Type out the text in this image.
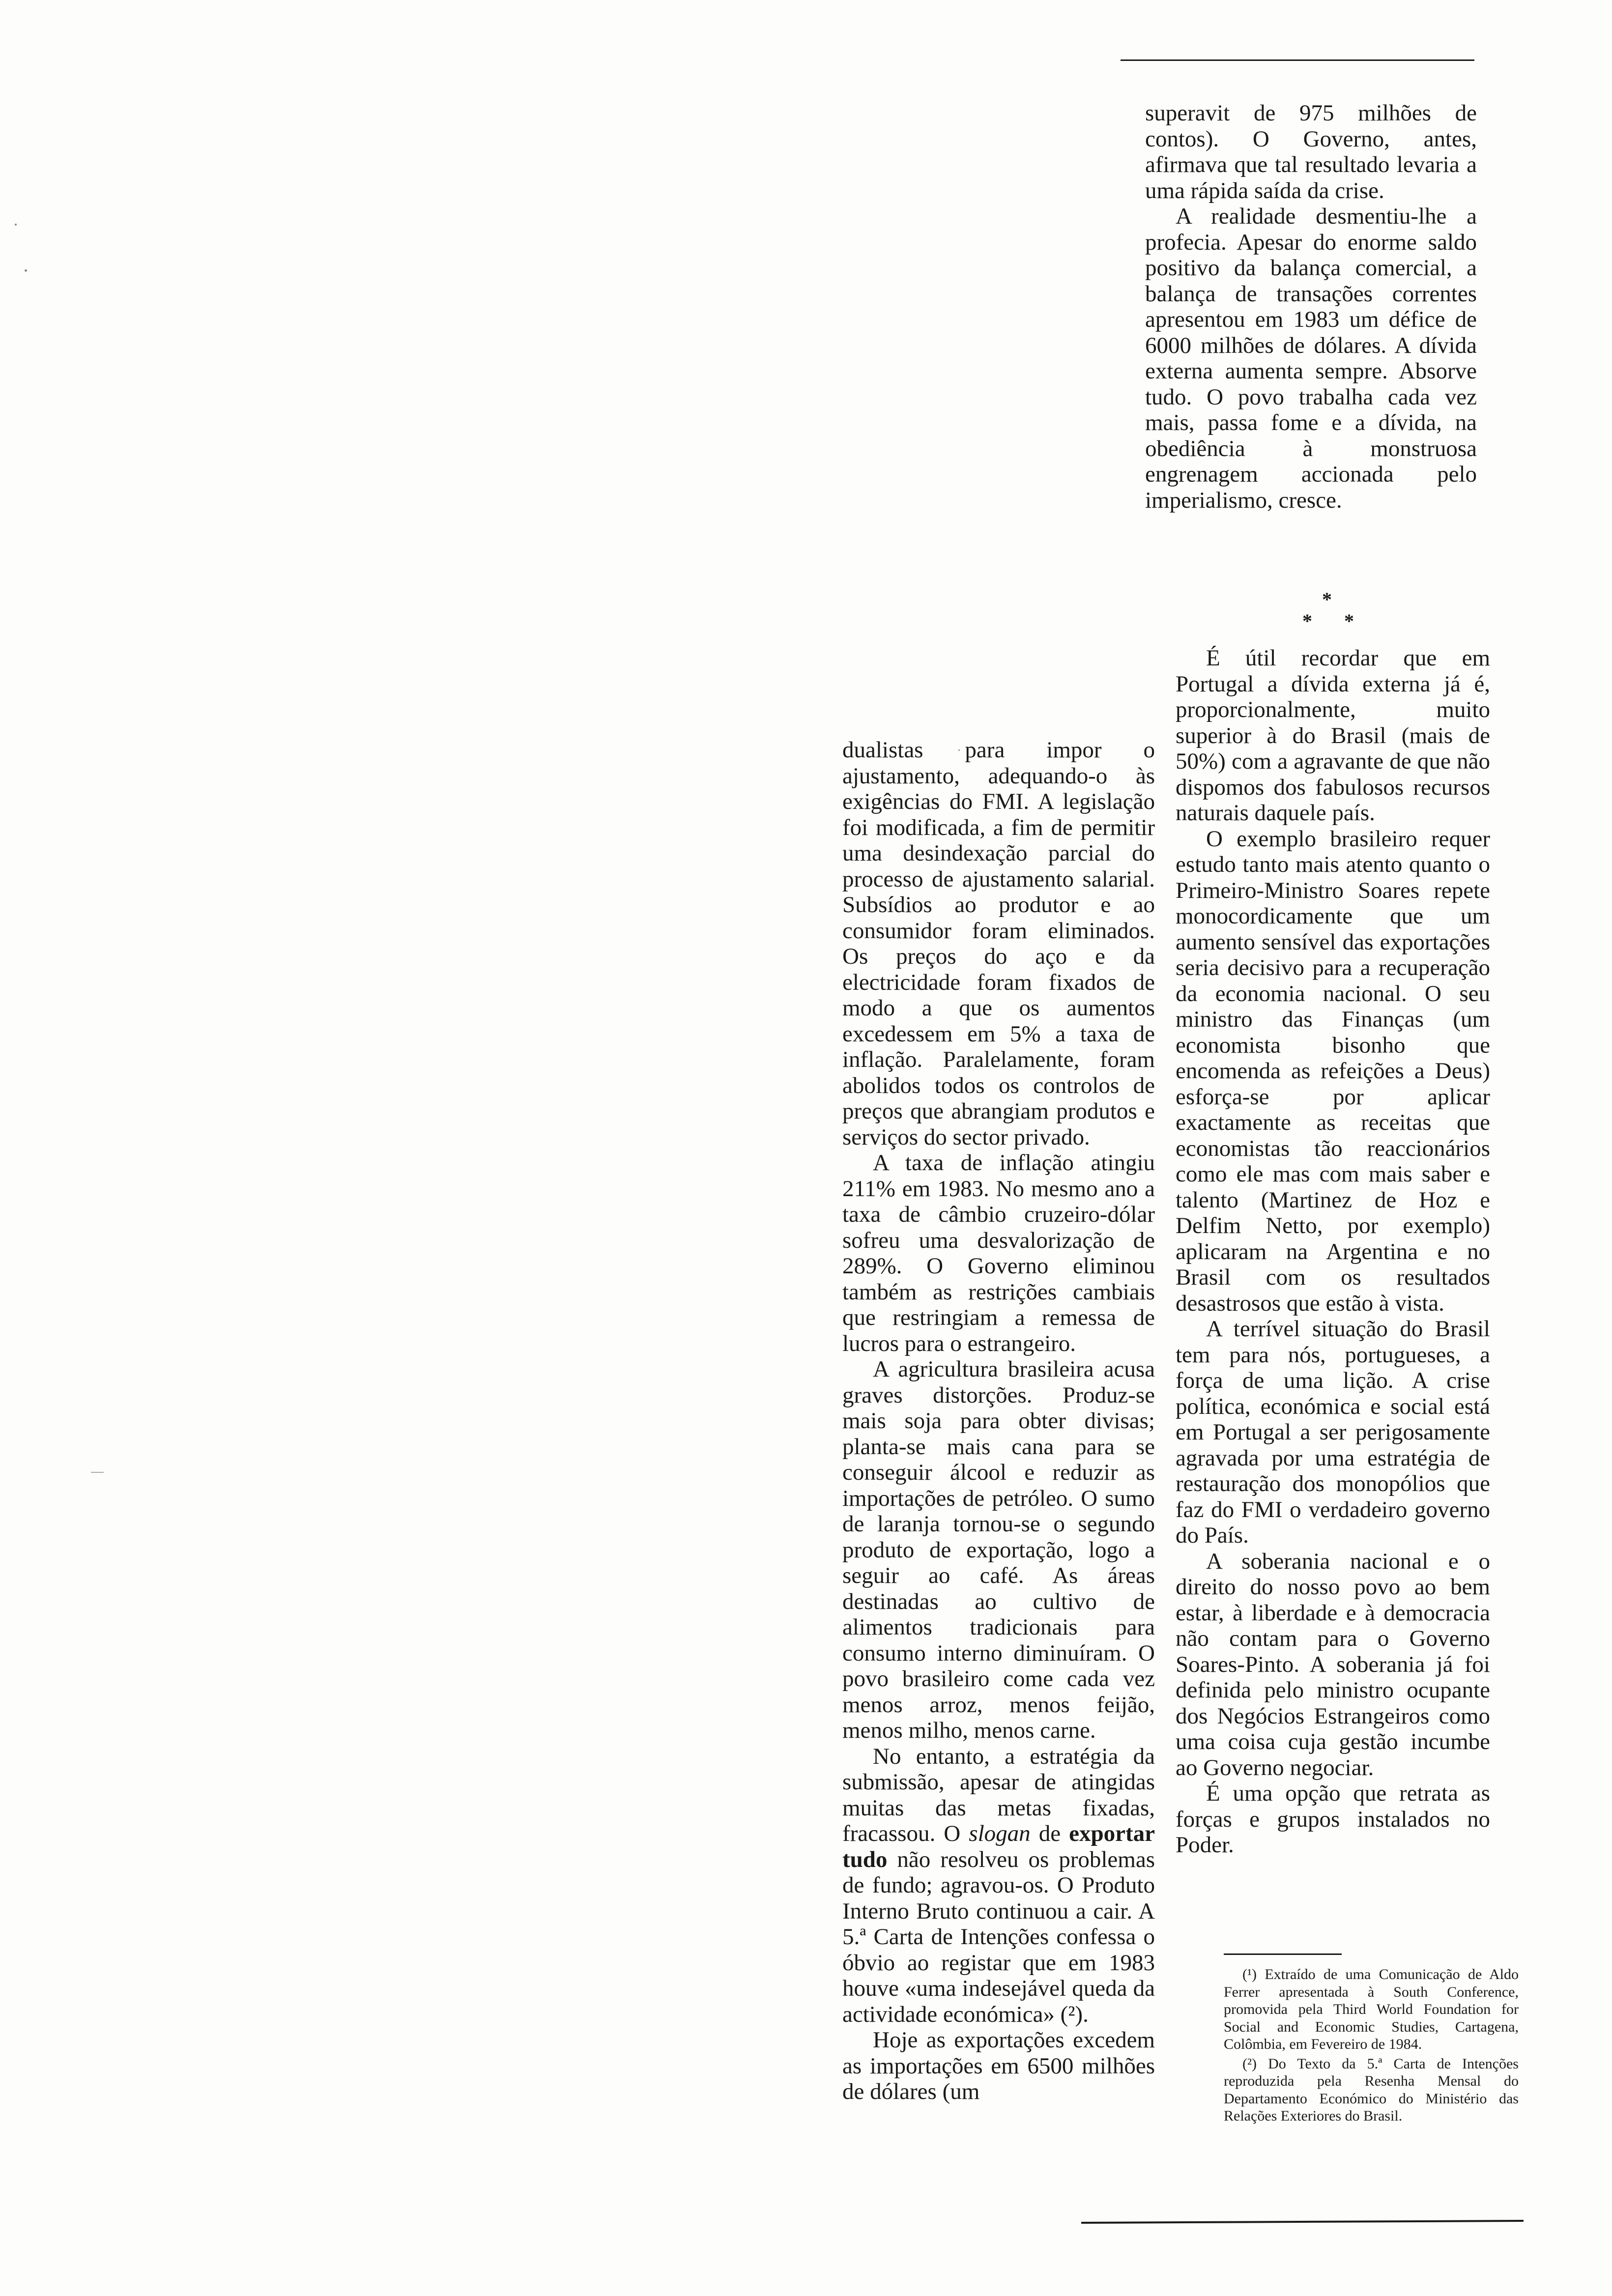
dualistas para impor o ajustamento, adequando-o às exigências do FMI. A legislação foi modificada, a fim de permitir uma desindexação parcial do processo de ajustamento salarial. Subsídios ao produtor e ao consumidor foram eliminados. Os preços do aço e da electricidade foram fixados de modo a que os aumentos excedessem em 5% a taxa de inflação. Paralelamente, foram abolidos todos os controlos de preços que abrangiam produtos e serviços do sector privado.

A taxa de inflação atingiu 211% em 1983. No mesmo ano a taxa de câmbio cruzeiro-dólar sofreu uma desvalorização de 289%. O Governo eliminou também as restrições cambiais que restringiam a remessa de lucros para o estrangeiro.

A agricultura brasileira acusa graves distorções. Produz-se mais soja para obter divisas; planta-se mais cana para se conseguir álcool e reduzir as importações de petróleo. O sumo de laranja tornou-se o segundo produto de exportação, logo a seguir ao café. As áreas destinadas ao cultivo de alimentos tradicionais para consumo interno diminuíram. O povo brasileiro come cada vez menos arroz, menos feijão, menos milho, menos carne.

No entanto, a estratégia da submissão, apesar de atingidas muitas das metas fixadas, fracassou. O slogan de exportar tudo não resolveu os problemas de fundo; agravou-os. O Produto Interno Bruto continuou a cair. A 5.ª Carta de Intenções confessa o óbvio ao registar que em 1983 houve «uma indesejável queda da actividade económica» (²).

Hoje as exportações excedem as importações em 6500 milhões de dólares (um

superavit de 975 milhões de contos). O Governo, antes, afirmava que tal resultado levaria a uma rápida saída da crise.

A realidade desmentiu-lhe a profecia. Apesar do enorme saldo positivo da balança comercial, a balança de transações correntes apresentou em 1983 um défice de 6000 milhões de dólares. A dívida externa aumenta sempre. Absorve tudo. O povo trabalha cada vez mais, passa fome e a dívida, na obediência à monstruosa engrenagem accionada pelo imperialismo, cresce.

*
* *

É útil recordar que em Portugal a dívida externa já é, proporcionalmente, muito superior à do Brasil (mais de 50%) com a agravante de que não dispomos dos fabulosos recursos naturais daquele país.

O exemplo brasileiro requer estudo tanto mais atento quanto o Primeiro-Ministro Soares repete monocordicamente que um aumento sensível das exportações seria decisivo para a recuperação da economia nacional. O seu ministro das Finanças (um economista bisonho que encomenda as refeições a Deus) esforça-se por aplicar exactamente as receitas que economistas tão reaccionários como ele mas com mais saber e talento (Martinez de Hoz e Delfim Netto, por exemplo) aplicaram na Argentina e no Brasil com os resultados desastrosos que estão à vista.

A terrível situação do Brasil tem para nós, portugueses, a força de uma lição. A crise política, económica e social está em Portugal a ser perigosamente agravada por uma estratégia de restauração dos monopólios que faz do FMI o verdadeiro governo do País.

A soberania nacional e o direito do nosso povo ao bem estar, à liberdade e à democracia não contam para o Governo Soares-Pinto. A soberania já foi definida pelo ministro ocupante dos Negócios Estrangeiros como uma coisa cuja gestão incumbe ao Governo negociar.

É uma opção que retrata as forças e grupos instalados no Poder.

(¹) Extraído de uma Comunicação de Aldo Ferrer apresentada à South Conference, promovida pela Third World Foundation for Social and Economic Studies, Cartagena, Colômbia, em Fevereiro de 1984.

(²) Do Texto da 5.ª Carta de Intenções reproduzida pela Resenha Mensal do Departamento Económico do Ministério das Relações Exteriores do Brasil.
